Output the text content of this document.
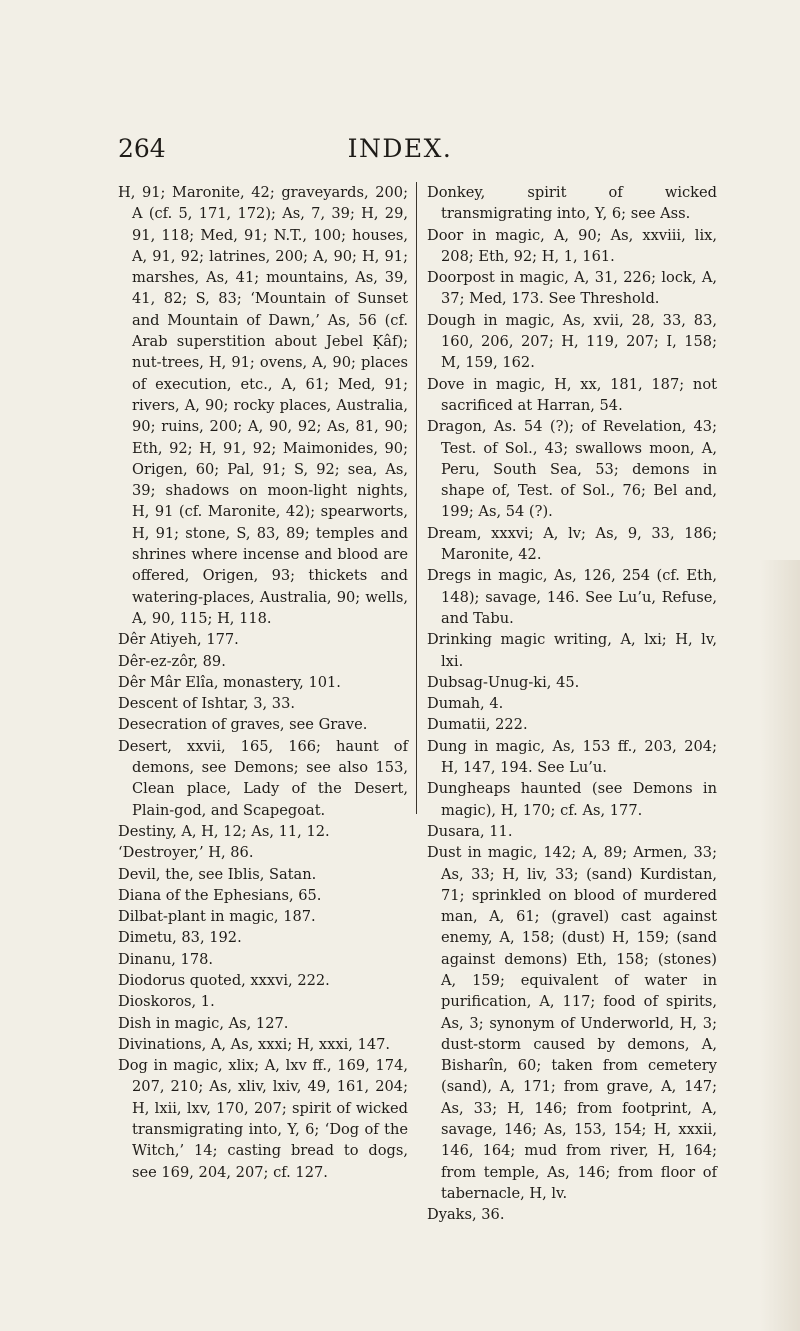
264	INDEX.

H, 91; Maronite, 42; graveyards, 200; A (cf. 5, 171, 172); As, 7, 39; H, 29, 91, 118; Med, 91; N.T., 100; houses, A, 91, 92; latrines, 200; A, 90; H, 91; marshes, As, 41; mountains, As, 39, 41, 82; S, 83; ‘Mountain of Sunset and Mountain of Dawn,’ As, 56 (cf. Arab superstition about Jebel Ḳâf); nut-trees, H, 91; ovens, A, 90; places of execution, etc., A, 61; Med, 91; rivers, A, 90; rocky places, Australia, 90; ruins, 200; A, 90, 92; As, 81, 90; Eth, 92; H, 91, 92; Maimonides, 90; Origen, 60; Pal, 91; S, 92; sea, As, 39; shadows on moon-light nights, H, 91 (cf. Maronite, 42); spearworts, H, 91; stone, S, 83, 89; temples and shrines where incense and blood are offered, Origen, 93; thickets and watering-places, Australia, 90; wells, A, 90, 115; H, 118.

Dêr Atiyeh, 177.

Dêr-ez-zôr, 89.

Dêr Mâr Elîa, monastery, 101.

Descent of Ishtar, 3, 33.

Desecration of graves, see Grave.

Desert, xxvii, 165, 166; haunt of demons, see Demons; see also 153, Clean place, Lady of the Desert, Plain-god, and Scapegoat.

Destiny, A, H, 12; As, 11, 12.

‘Destroyer,’ H, 86.

Devil, the, see Iblis, Satan.

Diana of the Ephesians, 65.

Dilbat-plant in magic, 187.

Dimetu, 83, 192.

Dinanu, 178.

Diodorus quoted, xxxvi, 222.

Dioskoros, 1.

Dish in magic, As, 127.

Divinations, A, As, xxxi; H, xxxi, 147.

Dog in magic, xlix; A, lxv ff., 169, 174, 207, 210; As, xliv, lxiv, 49, 161, 204; H, lxii, lxv, 170, 207; spirit of wicked transmigrating into, Y, 6; ‘Dog of the Witch,’ 14; casting bread to dogs, see 169, 204, 207; cf. 127.

Donkey, spirit of wicked transmigrating into, Y, 6; see Ass.

Door in magic, A, 90; As, xxviii, lix, 208; Eth, 92; H, 1, 161.

Doorpost in magic, A, 31, 226; lock, A, 37; Med, 173. See Threshold.

Dough in magic, As, xvii, 28, 33, 83, 160, 206, 207; H, 119, 207; I, 158; M, 159, 162.

Dove in magic, H, xx, 181, 187; not sacrificed at Harran, 54.

Dragon, As. 54 (?); of Revelation, 43; Test. of Sol., 43; swallows moon, A, Peru, South Sea, 53; demons in shape of, Test. of Sol., 76; Bel and, 199; As, 54 (?).

Dream, xxxvi; A, lv; As, 9, 33, 186; Maronite, 42.

Dregs in magic, As, 126, 254 (cf. Eth, 148); savage, 146. See Lu’u, Refuse, and Tabu.

Drinking magic writing, A, lxi; H, lv, lxi.

Dubsag-Unug-ki, 45.

Dumah, 4.

Dumatii, 222.

Dung in magic, As, 153 ff., 203, 204; H, 147, 194. See Lu’u.

Dungheaps haunted (see Demons in magic), H, 170; cf. As, 177.

Dusara, 11.

Dust in magic, 142; A, 89; Armen, 33; As, 33; H, liv, 33; (sand) Kurdistan, 71; sprinkled on blood of murdered man, A, 61; (gravel) cast against enemy, A, 158; (dust) H, 159; (sand against demons) Eth, 158; (stones) A, 159; equivalent of water in purification, A, 117; food of spirits, As, 3; synonym of Underworld, H, 3; dust-storm caused by demons, A, Bisharîn, 60; taken from cemetery (sand), A, 171; from grave, A, 147; As, 33; H, 146; from footprint, A, savage, 146; As, 153, 154; H, xxxii, 146, 164; mud from river, H, 164; from temple, As, 146; from floor of tabernacle, H, lv.

Dyaks, 36.
